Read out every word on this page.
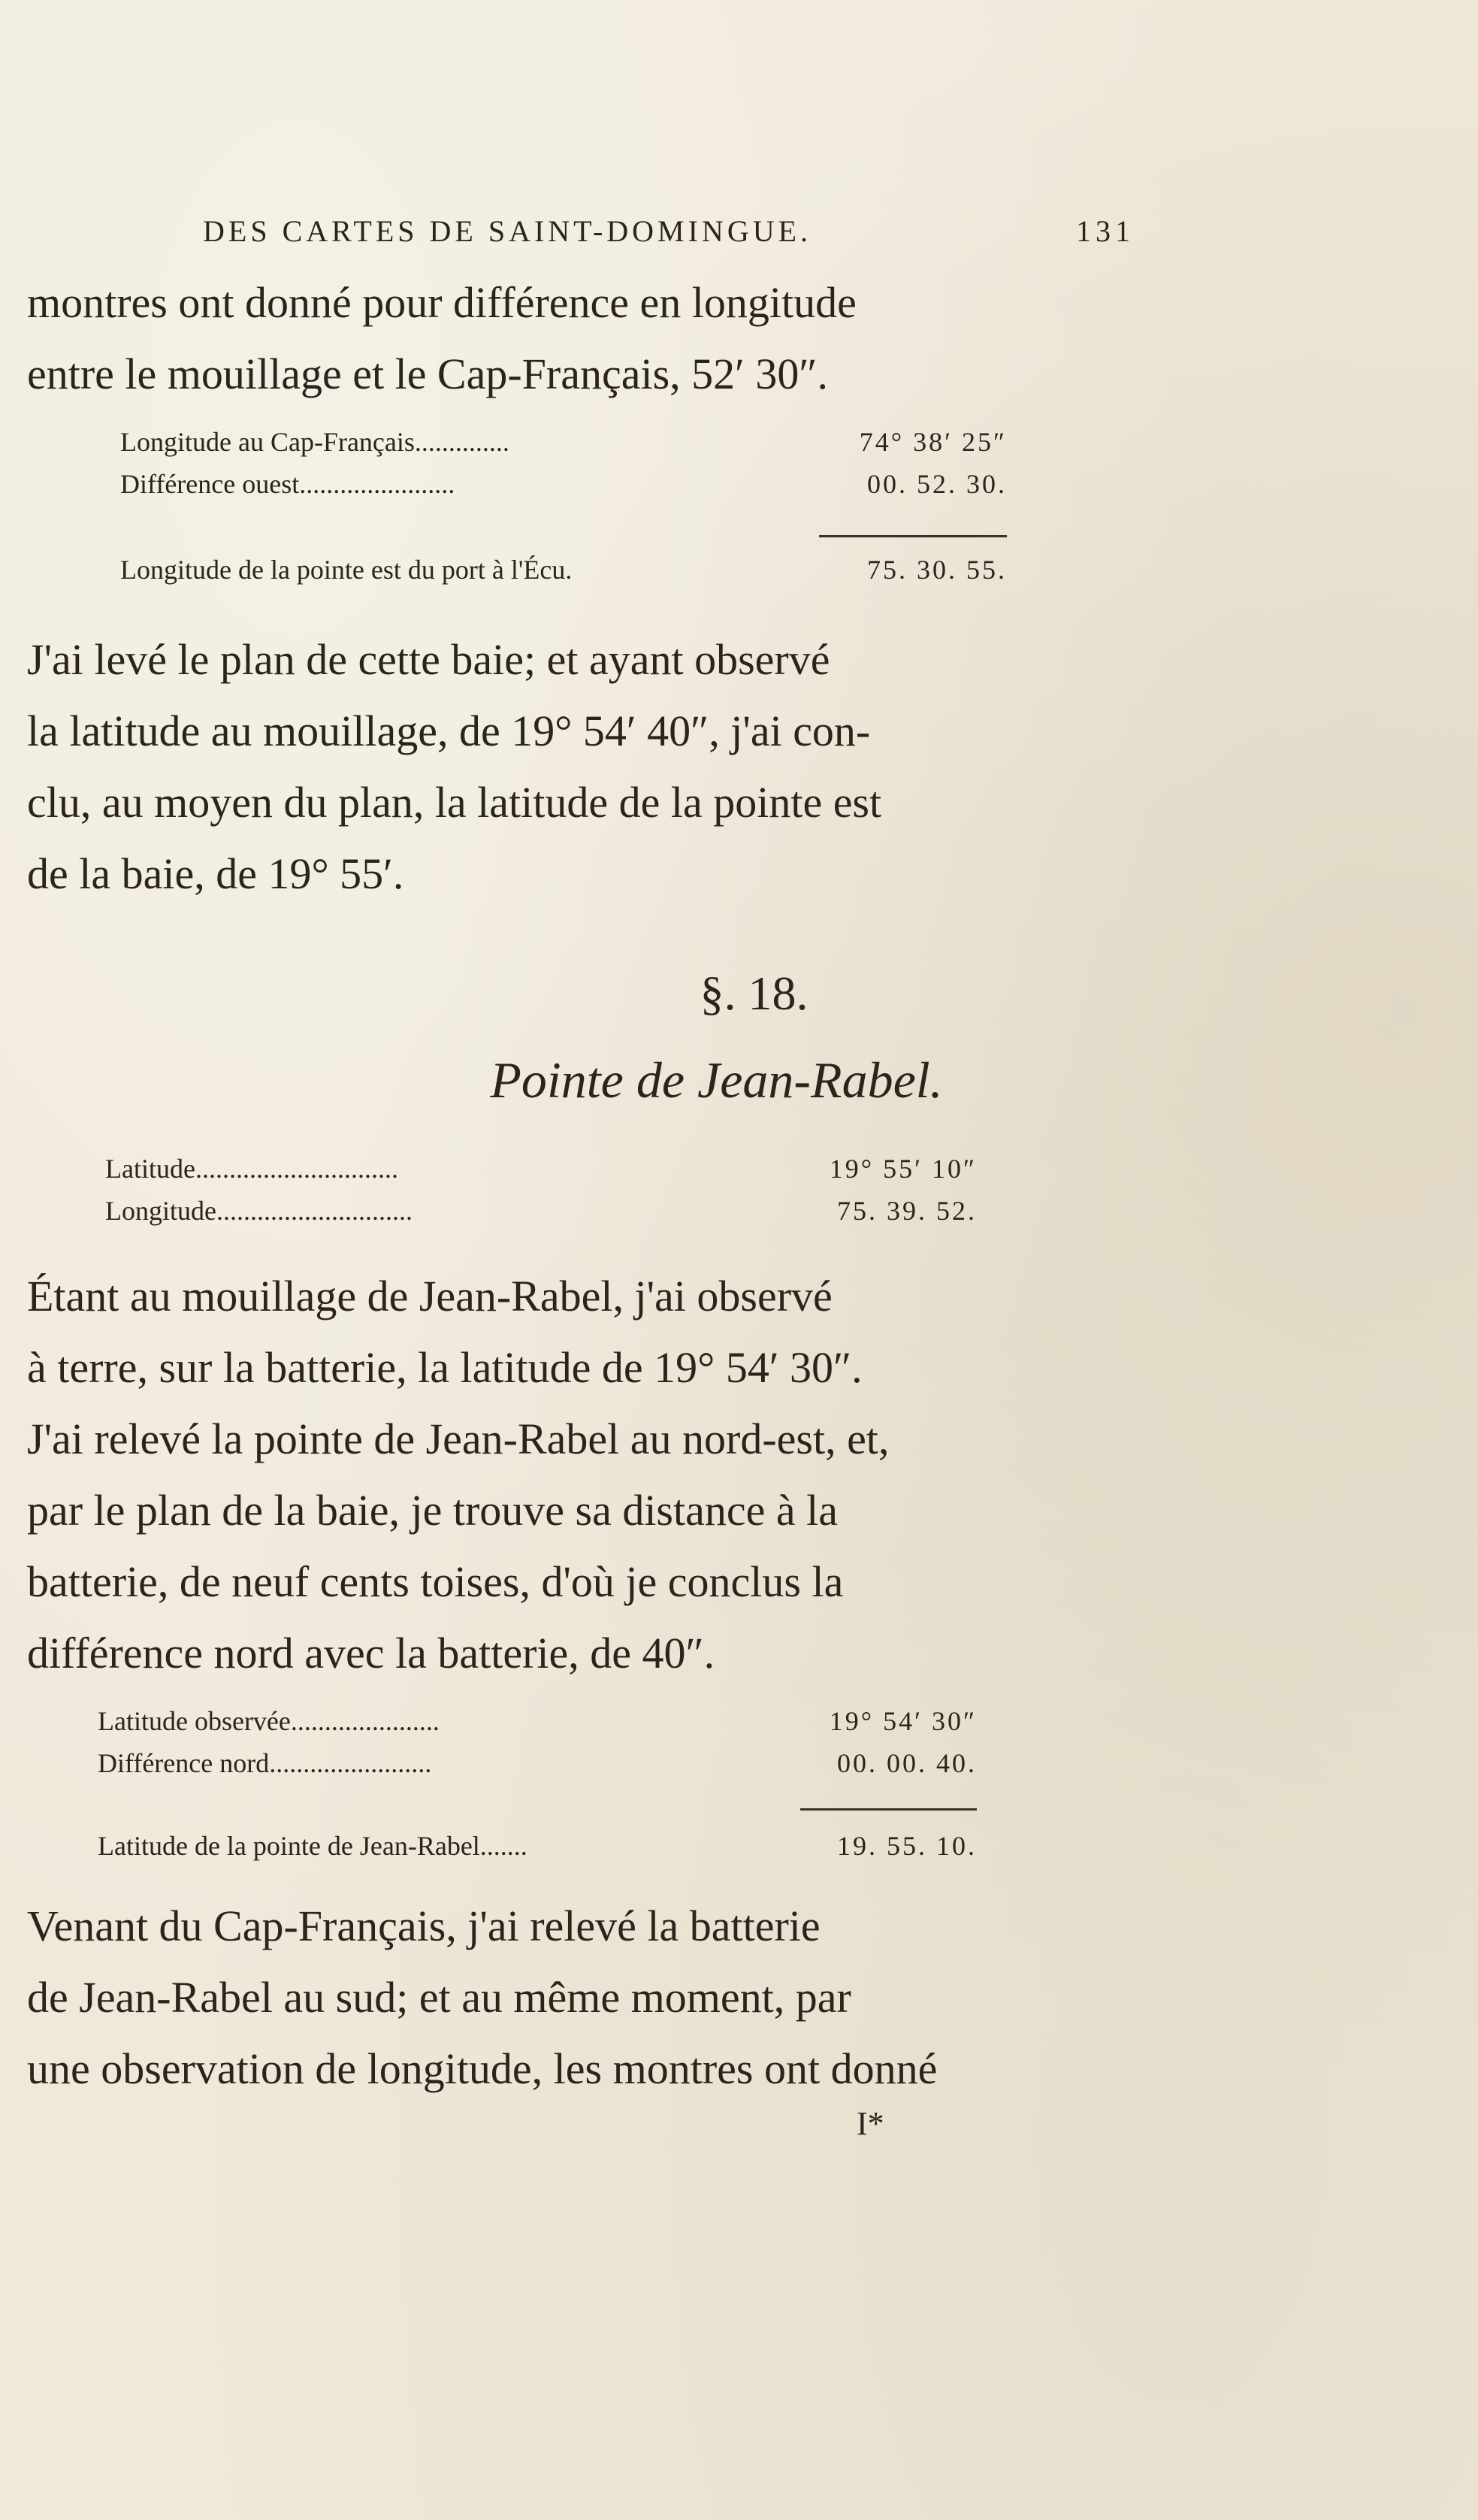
DES CARTES DE SAINT-DOMINGUE.	131
montres ont donné pour différence en longitude
entre le mouillage et le Cap-Français, 52′ 30″.
Longitude au Cap-Français..............	74° 38′ 25″
Différence ouest.......................	00. 52. 30.
Longitude de la pointe est du port à l'Écu.	75. 30. 55.
J'ai levé le plan de cette baie; et ayant observé
la latitude au mouillage, de 19° 54′ 40″, j'ai con-
clu, au moyen du plan, la latitude de la pointe est
de la baie, de 19° 55′.
§. 18.
Pointe de Jean-Rabel.
Latitude..............................	19° 55′ 10″
Longitude.............................	75. 39. 52.
Étant au mouillage de Jean-Rabel, j'ai observé
à terre, sur la batterie, la latitude de 19° 54′ 30″.
J'ai relevé la pointe de Jean-Rabel au nord-est, et,
par le plan de la baie, je trouve sa distance à la
batterie, de neuf cents toises, d'où je conclus la
différence nord avec la batterie, de 40″.
Latitude observée......................	19° 54′ 30″
Différence nord........................	00. 00. 40.
Latitude de la pointe de Jean-Rabel.......	19. 55. 10.
Venant du Cap-Français, j'ai relevé la batterie
de Jean-Rabel au sud; et au même moment, par
une observation de longitude, les montres ont donné
I*
